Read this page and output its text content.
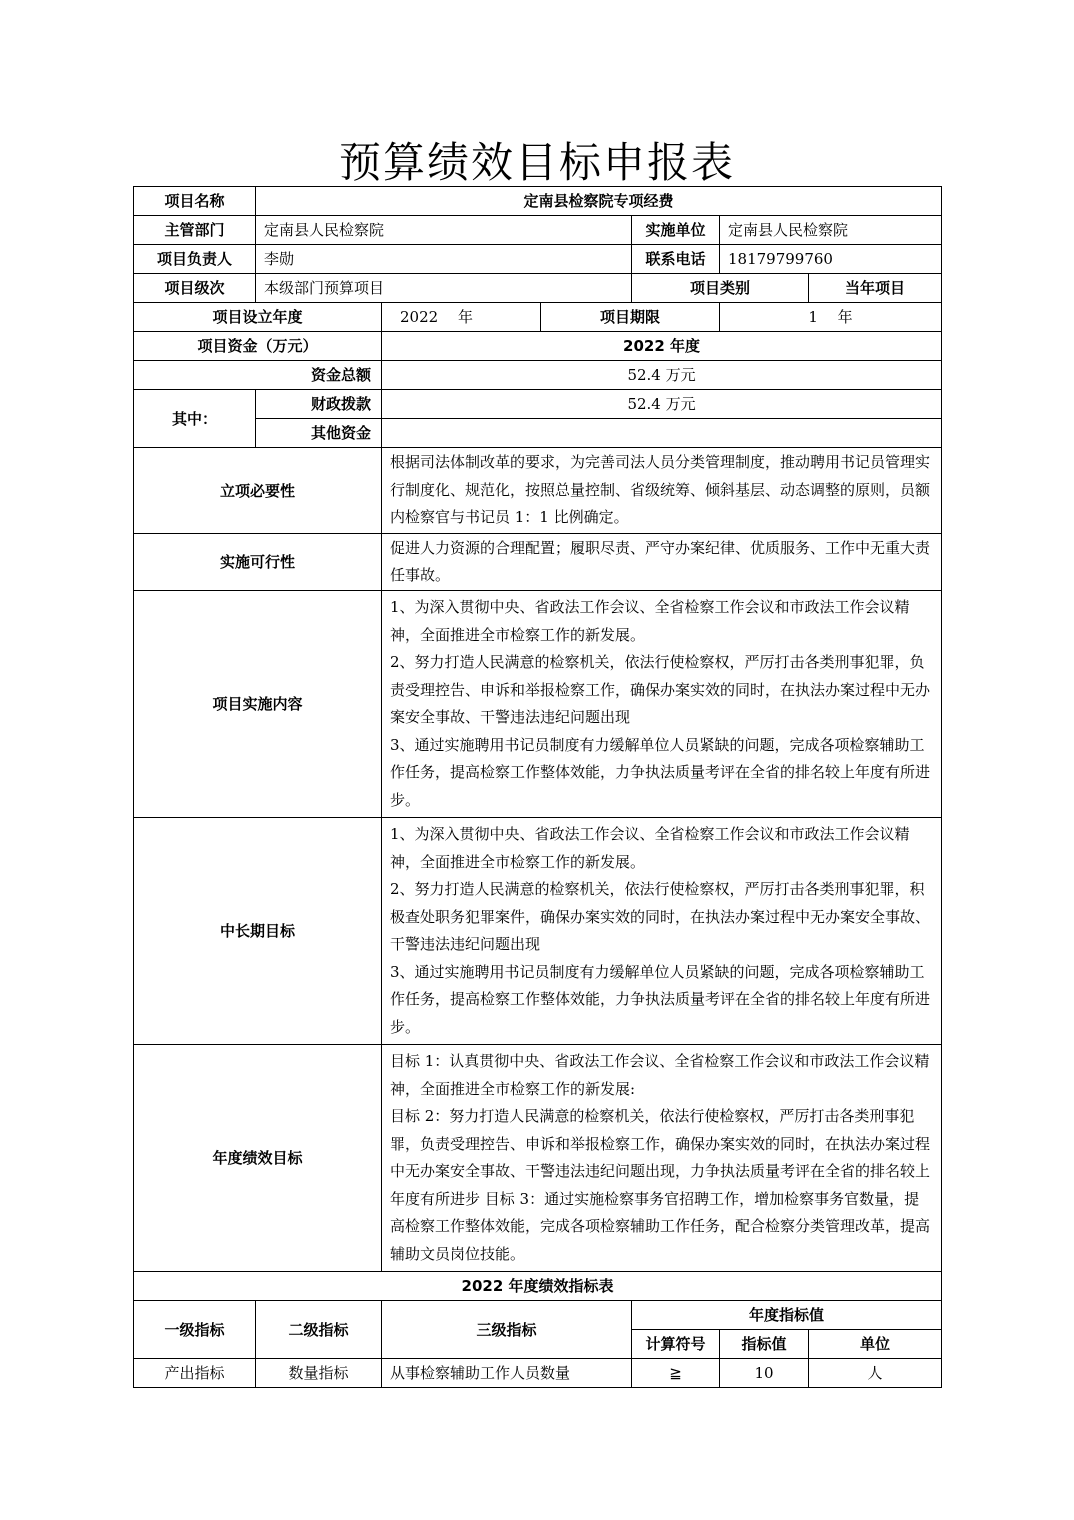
预算绩效目标申报表
项目名称	定南县检察院专项经费					
主管部门	定南县人民检察院			实施单位	定南县人民检察院	
项目负责人	李勋			联系电话	18179799760	
项目级次	本级部门预算项目			项目类别		当年项目
项目设立年度		2022　 年	项目期限		1　 年	
项目资金（万元）		2022 年度				
资金总额		52.4 万元				
其中：	财政拨款	52.4 万元				
	其他资金					
立项必要性		根据司法体制改革的要求，为完善司法人员分类管理制度，推动聘用书记员管理实行制度化、规范化，按照总量控制、省级统筹、倾斜基层、动态调整的原则，员额内检察官与书记员 1：1 比例确定。				
实施可行性		促进人力资源的合理配置；履职尽责、严守办案纪律、优质服务、工作中无重大责任事故。				
项目实施内容		1、为深入贯彻中央、省政法工作会议、全省检察工作会议和市政法工作会议精神，全面推进全市检察工作的新发展。

2、努力打造人民满意的检察机关，依法行使检察权，严厉打击各类刑事犯罪，负责受理控告、申诉和举报检察工作，确保办案实效的同时，在执法办案过程中无办案安全事故、干警违法违纪问题出现

3、通过实施聘用书记员制度有力缓解单位人员紧缺的问题，完成各项检察辅助工作任务，提高检察工作整体效能，力争执法质量考评在全省的排名较上年度有所进步。				

中长期目标		1、为深入贯彻中央、省政法工作会议、全省检察工作会议和市政法工作会议精神，全面推进全市检察工作的新发展。

2、努力打造人民满意的检察机关，依法行使检察权，严厉打击各类刑事犯罪，积极查处职务犯罪案件，确保办案实效的同时，在执法办案过程中无办案安全事故、干警违法违纪问题出现

3、通过实施聘用书记员制度有力缓解单位人员紧缺的问题，完成各项检察辅助工作任务，提高检察工作整体效能，力争执法质量考评在全省的排名较上年度有所进步。				

年度绩效目标		目标 1：认真贯彻中央、省政法工作会议、全省检察工作会议和市政法工作会议精神，全面推进全市检察工作的新发展:

目标 2：努力打造人民满意的检察机关，依法行使检察权，严厉打击各类刑事犯罪，负责受理控告、申诉和举报检察工作，确保办案实效的同时，在执法办案过程中无办案安全事故、干警违法违纪问题出现，力争执法质量考评在全省的排名较上年度有所进步 目标 3：通过实施检察事务官招聘工作，增加检察事务官数量，提高检察工作整体效能，完成各项检察辅助工作任务，配合检察分类管理改革，提高辅助文员岗位技能。				

2022 年度绩效指标表						
一级指标	二级指标	三级指标		年度指标值		
				计算符号	指标值	单位
产出指标	数量指标	从事检察辅助工作人员数量		≧	10	人
